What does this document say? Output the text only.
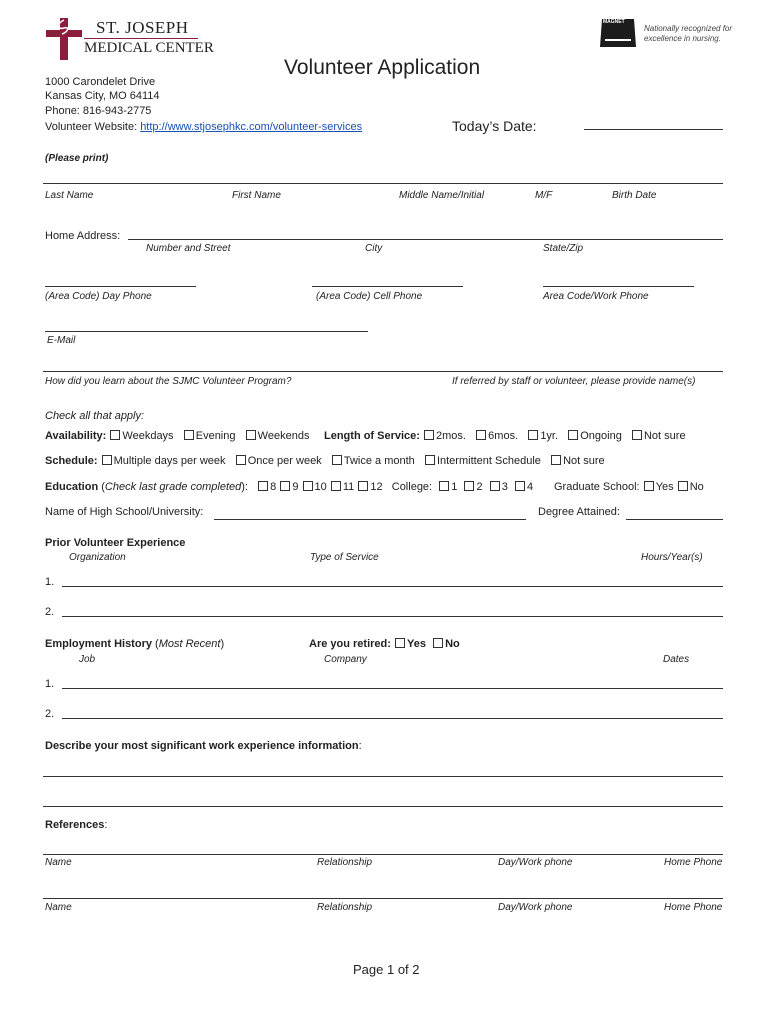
ST. JOSEPH
MEDICAL CENTER
MAGNET
Nationally recognized for
excellence in nursing.
Volunteer Application
1000 Carondelet Drive
Kansas City, MO 64114
Phone: 816-943-2775
Volunteer Website: http://www.stjosephkc.com/volunteer-services	Today’s Date:
(Please print)
Last Name	First Name	Middle Name/Initial	M/F	Birth Date
Home Address:
Number and Street	City	State/Zip
(Area Code) Day Phone	(Area Code) Cell Phone	Area Code/Work Phone
E-Mail
How did you learn about the SJMC Volunteer Program?	If referred by staff or volunteer, please provide name(s)
Check all that apply:
Availability: Weekdays Evening Weekends Length of Service: 2mos. 6mos. 1yr. Ongoing Not sure
Schedule: Multiple days per week Once per week Twice a month Intermittent Schedule Not sure
Education (Check last grade completed):   8 9 10 11 12 College: 1 2 3 4 Graduate School: Yes No
Name of High School/University:	Degree Attained:
Prior Volunteer Experience
Organization	Type of Service	Hours/Year(s)
1.
2.
Employment History (Most Recent)	Are you retired: Yes No
Job	Company	Dates
1.
2.
Describe your most significant work experience information:
References:
Name	Relationship	Day/Work phone	Home Phone
Name	Relationship	Day/Work phone	Home Phone
Page 1 of 2
